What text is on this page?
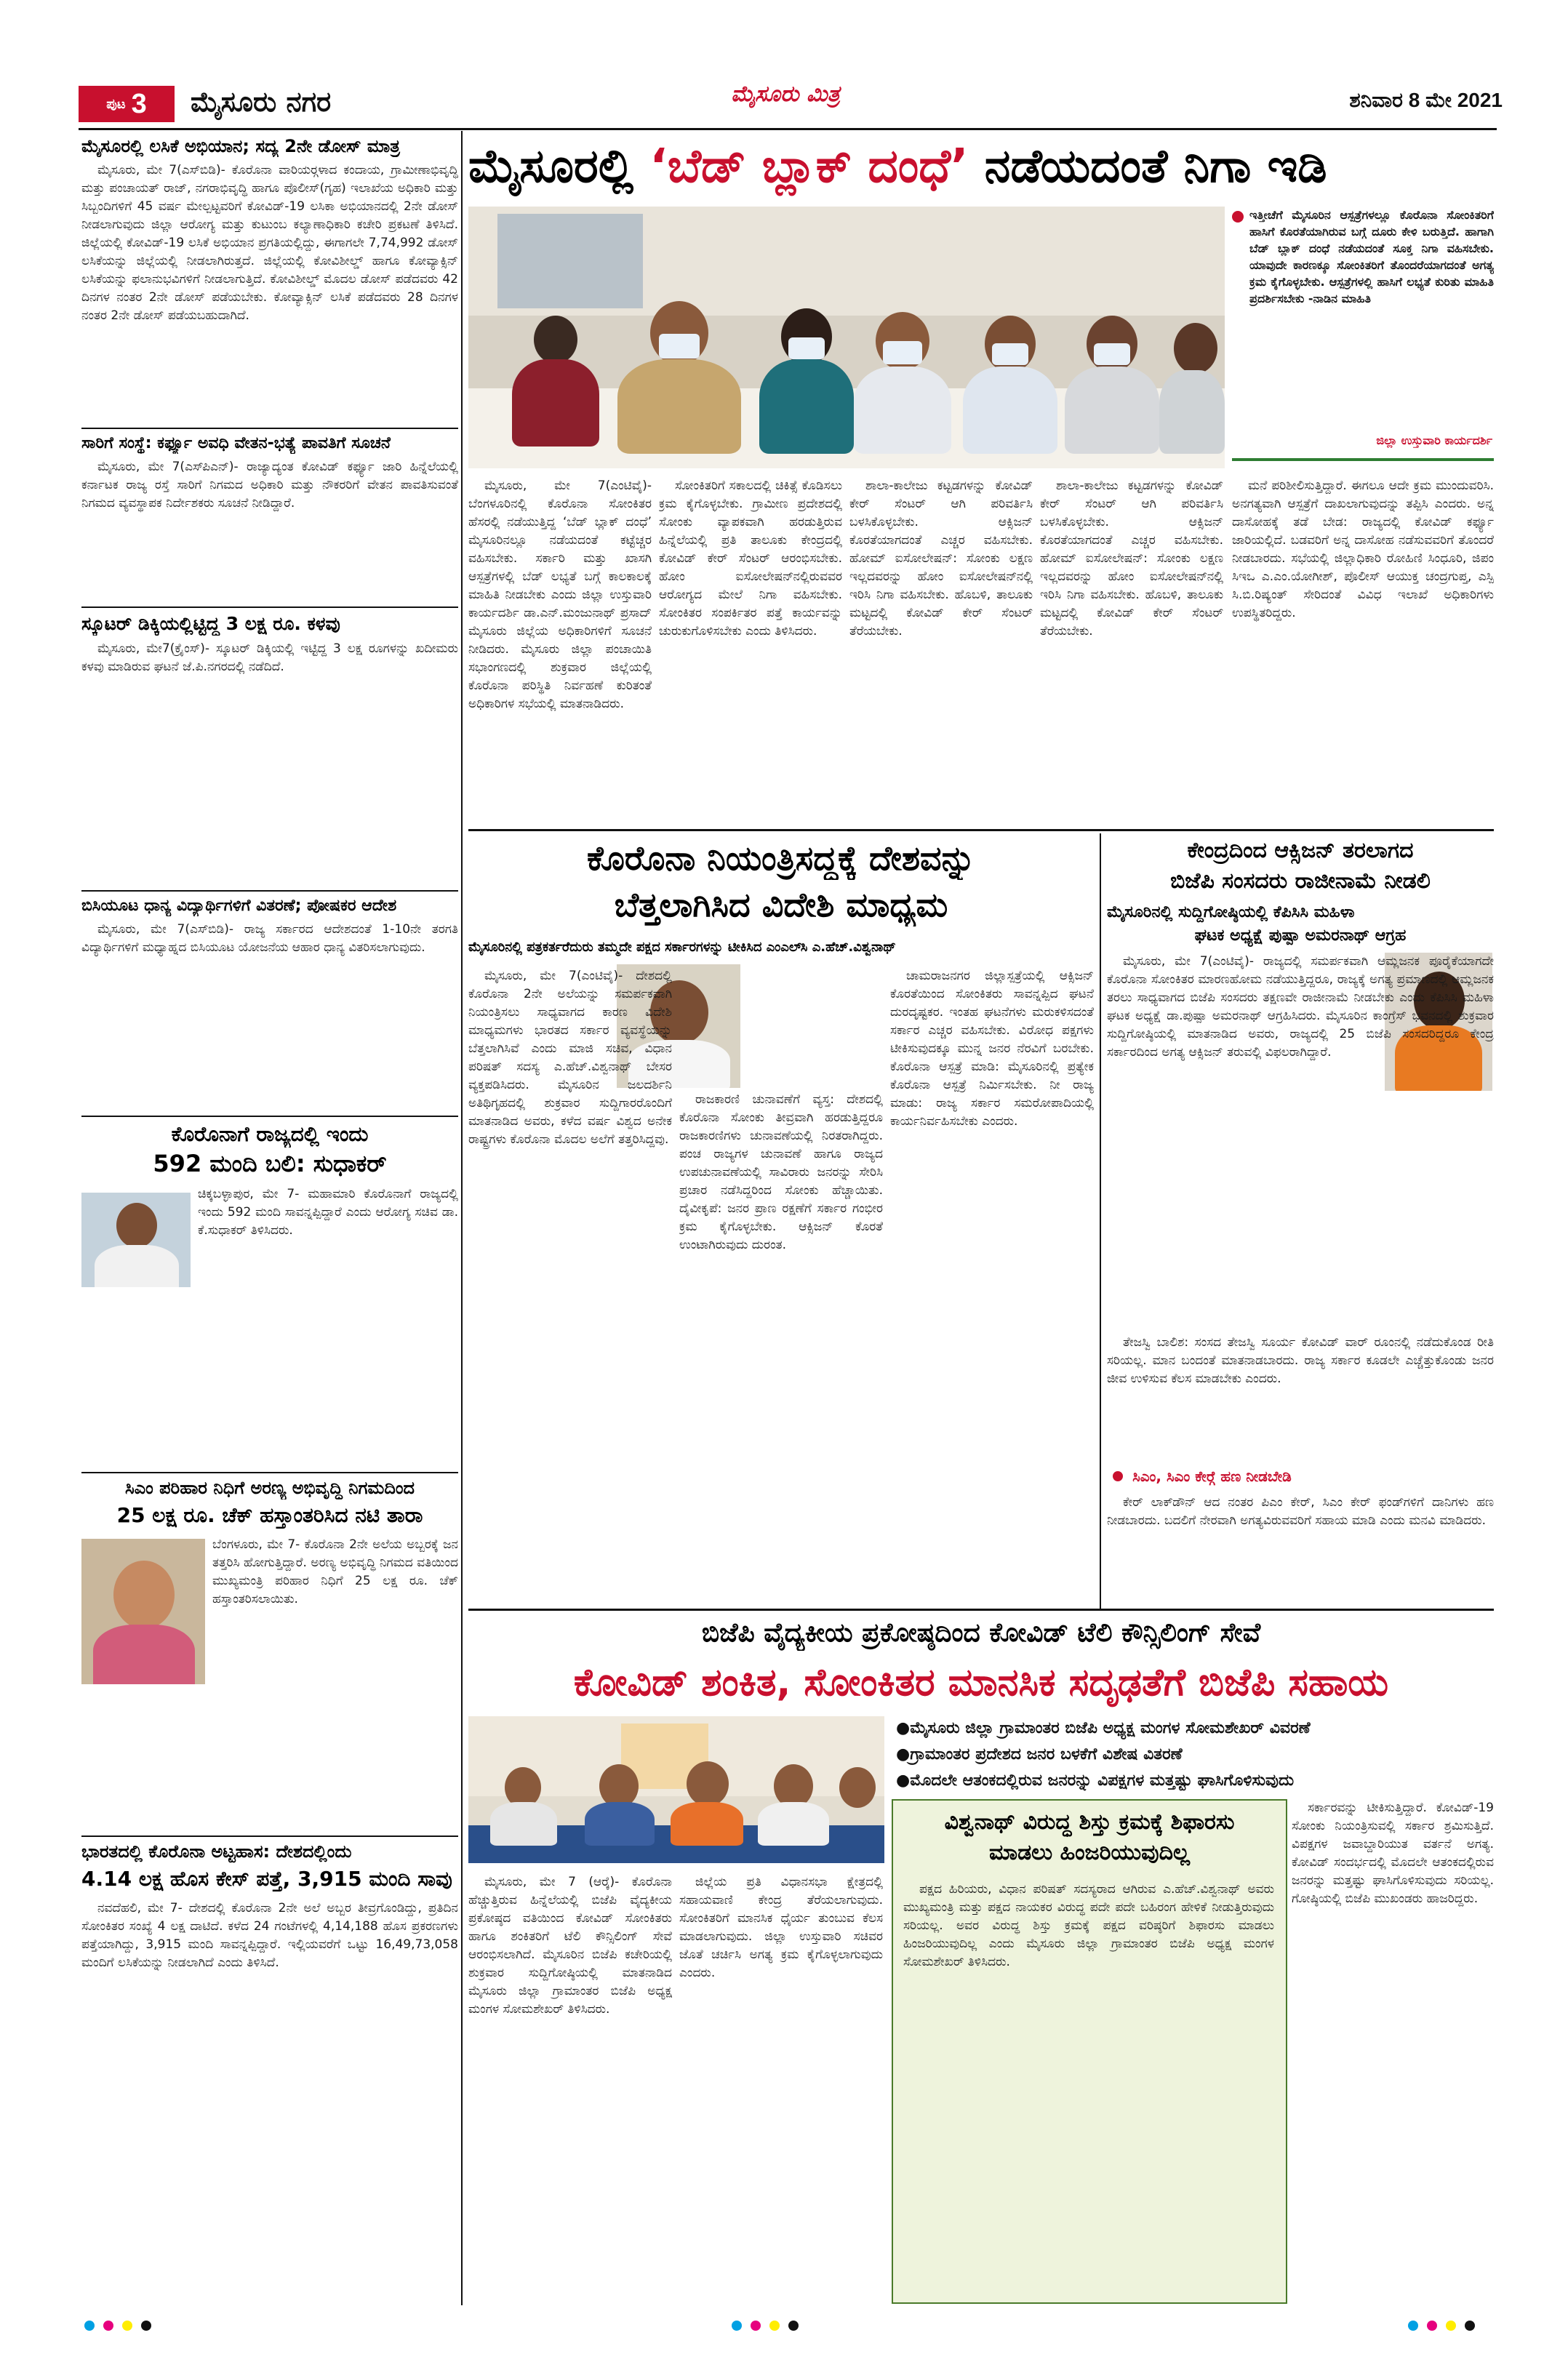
ಪುಟ 3 ಮೈಸೂರು ನಗರ	ಮೈಸೂರು ಮಿತ್ರ	ಶನಿವಾರ 8 ಮೇ 2021
ಮೈಸೂರಲ್ಲಿ ಲಸಿಕೆ ಅಭಿಯಾನ; ಸದ್ಯ 2ನೇ ಡೋಸ್ ಮಾತ್ರ

ಮೈಸೂರು, ಮೇ 7(ಎಸ್‍ಬಿಡಿ)- ಕೊರೊನಾ ವಾರಿಯರ್‍ಗಳಾದ ಕಂದಾಯ, ಗ್ರಾಮೀಣಾಭಿವೃದ್ಧಿ ಮತ್ತು ಪಂಚಾಯತ್ ರಾಜ್, ನಗರಾಭಿವೃದ್ಧಿ ಹಾಗೂ ಪೊಲೀಸ್(ಗೃಹ) ಇಲಾಖೆಯ ಅಧಿಕಾರಿ ಮತ್ತು ಸಿಬ್ಬಂದಿಗಳಿಗೆ 45 ವರ್ಷ ಮೇಲ್ಪಟ್ಟವರಿಗೆ ಕೋವಿಡ್-19 ಲಸಿಕಾ ಅಭಿಯಾನದಲ್ಲಿ 2ನೇ ಡೋಸ್ ನೀಡಲಾಗುವುದು ಜಿಲ್ಲಾ ಆರೋಗ್ಯ ಮತ್ತು ಕುಟುಂಬ ಕಲ್ಯಾಣಾಧಿಕಾರಿ ಕಚೇರಿ ಪ್ರಕಟಣೆ ತಿಳಿಸಿದೆ. ಜಿಲ್ಲೆಯಲ್ಲಿ ಕೋವಿಡ್-19 ಲಸಿಕೆ ಅಭಿಯಾನ ಪ್ರಗತಿಯಲ್ಲಿದ್ದು, ಈಗಾಗಲೇ 7,74,992 ಡೋಸ್ ಲಸಿಕೆಯನ್ನು ಜಿಲ್ಲೆಯಲ್ಲಿ ನೀಡಲಾಗಿರುತ್ತದೆ. ಜಿಲ್ಲೆಯಲ್ಲಿ ಕೋವಿಶೀಲ್ಡ್ ಹಾಗೂ ಕೋವ್ಯಾಕ್ಸಿನ್ ಲಸಿಕೆಯನ್ನು ಫಲಾನುಭವಿಗಳಿಗೆ ನೀಡಲಾಗುತ್ತಿದೆ. ಕೋವಿಶೀಲ್ಡ್ ಮೊದಲ ಡೋಸ್ ಪಡೆದವರು 42 ದಿನಗಳ ನಂತರ 2ನೇ ಡೋಸ್ ಪಡೆಯಬೇಕು. ಕೋವ್ಯಾಕ್ಸಿನ್ ಲಸಿಕೆ ಪಡೆದವರು 28 ದಿನಗಳ ನಂತರ 2ನೇ ಡೋಸ್ ಪಡೆಯಬಹುದಾಗಿದೆ.

ಸಾರಿಗೆ ಸಂಸ್ಥೆ: ಕರ್ಫ್ಯೂ ಅವಧಿ ವೇತನ-ಭತ್ಯೆ ಪಾವತಿಗೆ ಸೂಚನೆ

ಮೈಸೂರು, ಮೇ 7(ಎಸ್‍ಪಿಎನ್)- ರಾಜ್ಯಾದ್ಯಂತ ಕೋವಿಡ್ ಕರ್ಫ್ಯೂ ಜಾರಿ ಹಿನ್ನೆಲೆಯಲ್ಲಿ ಕರ್ನಾಟಕ ರಾಜ್ಯ ರಸ್ತೆ ಸಾರಿಗೆ ನಿಗಮದ ಅಧಿಕಾರಿ ಮತ್ತು ನೌಕರರಿಗೆ ವೇತನ ಪಾವತಿಸುವಂತೆ ನಿಗಮದ ವ್ಯವಸ್ಥಾಪಕ ನಿರ್ದೇಶಕರು ಸೂಚನೆ ನೀಡಿದ್ದಾರೆ.

ಸ್ಕೂಟರ್ ಡಿಕ್ಕಿಯಲ್ಲಿಟ್ಟಿದ್ದ 3 ಲಕ್ಷ ರೂ. ಕಳವು

ಮೈಸೂರು, ಮೇ7(ಕ್ರೈಂಸ್)- ಸ್ಕೂಟರ್ ಡಿಕ್ಕಿಯಲ್ಲಿ ಇಟ್ಟಿದ್ದ 3 ಲಕ್ಷ ರೂಗಳನ್ನು ಖದೀಮರು ಕಳವು ಮಾಡಿರುವ ಘಟನೆ ಜೆ.ಪಿ.ನಗರದಲ್ಲಿ ನಡೆದಿದೆ.

ಬಿಸಿಯೂಟ ಧಾನ್ಯ ವಿದ್ಯಾರ್ಥಿಗಳಿಗೆ ವಿತರಣೆ; ಪೋಷಕರ ಆದೇಶ

ಮೈಸೂರು, ಮೇ 7(ಎಸ್‍ಬಿಡಿ)- ರಾಜ್ಯ ಸರ್ಕಾರದ ಆದೇಶದಂತೆ 1-10ನೇ ತರಗತಿ ವಿದ್ಯಾರ್ಥಿಗಳಿಗೆ ಮಧ್ಯಾಹ್ನದ ಬಿಸಿಯೂಟ ಯೋಜನೆಯ ಆಹಾರ ಧಾನ್ಯ ವಿತರಿಸಲಾಗುವುದು.

ಕೊರೊನಾಗೆ ರಾಜ್ಯದಲ್ಲಿ ಇಂದು
592 ಮಂದಿ ಬಲಿ: ಸುಧಾಕರ್

ಚಿಕ್ಕಬಳ್ಳಾಪುರ, ಮೇ 7- ಮಹಾಮಾರಿ ಕೊರೊನಾಗೆ ರಾಜ್ಯದಲ್ಲಿ ಇಂದು 592 ಮಂದಿ ಸಾವನ್ನಪ್ಪಿದ್ದಾರೆ ಎಂದು ಆರೋಗ್ಯ ಸಚಿವ ಡಾ. ಕೆ.ಸುಧಾಕರ್ ತಿಳಿಸಿದರು.

ಸಿಎಂ ಪರಿಹಾರ ನಿಧಿಗೆ ಅರಣ್ಯ ಅಭಿವೃದ್ಧಿ ನಿಗಮದಿಂದ
25 ಲಕ್ಷ ರೂ. ಚೆಕ್ ಹಸ್ತಾಂತರಿಸಿದ ನಟಿ ತಾರಾ

ಬೆಂಗಳೂರು, ಮೇ 7- ಕೊರೊನಾ 2ನೇ ಅಲೆಯ ಅಬ್ಬರಕ್ಕೆ ಜನ ತತ್ತರಿಸಿ ಹೋಗುತ್ತಿದ್ದಾರೆ. ಅರಣ್ಯ ಅಭಿವೃದ್ಧಿ ನಿಗಮದ ವತಿಯಿಂದ ಮುಖ್ಯಮಂತ್ರಿ ಪರಿಹಾರ ನಿಧಿಗೆ 25 ಲಕ್ಷ ರೂ. ಚೆಕ್ ಹಸ್ತಾಂತರಿಸಲಾಯಿತು.

ಭಾರತದಲ್ಲಿ ಕೊರೊನಾ ಅಟ್ಟಹಾಸ: ದೇಶದಲ್ಲಿಂದು
4.14 ಲಕ್ಷ ಹೊಸ ಕೇಸ್ ಪತ್ತೆ, 3,915 ಮಂದಿ ಸಾವು

ನವದೆಹಲಿ, ಮೇ 7- ದೇಶದಲ್ಲಿ ಕೊರೊನಾ 2ನೇ ಅಲೆ ಅಬ್ಬರ ತೀವ್ರಗೊಂಡಿದ್ದು, ಪ್ರತಿದಿನ ಸೋಂಕಿತರ ಸಂಖ್ಯೆ 4 ಲಕ್ಷ ದಾಟಿದೆ. ಕಳೆದ 24 ಗಂಟೆಗಳಲ್ಲಿ 4,14,188 ಹೊಸ ಪ್ರಕರಣಗಳು ಪತ್ತೆಯಾಗಿದ್ದು, 3,915 ಮಂದಿ ಸಾವನ್ನಪ್ಪಿದ್ದಾರೆ. ಇಲ್ಲಿಯವರೆಗೆ ಒಟ್ಟು 16,49,73,058 ಮಂದಿಗೆ ಲಸಿಕೆಯನ್ನು ನೀಡಲಾಗಿದೆ ಎಂದು ತಿಳಿಸಿದೆ.

ಮೈಸೂರಲ್ಲಿ ‘ಬೆಡ್ ಬ್ಲಾಕ್ ದಂಧೆ’ ನಡೆಯದಂತೆ ನಿಗಾ ಇಡಿ
ಇತ್ತೀಚೆಗೆ ಮೈಸೂರಿನ ಆಸ್ಪತ್ರೆಗಳಲ್ಲೂ ಕೊರೊನಾ ಸೋಂಕಿತರಿಗೆ ಹಾಸಿಗೆ ಕೊರತೆಯಾಗಿರುವ ಬಗ್ಗೆ ದೂರು ಕೇಳಿ ಬರುತ್ತಿದೆ. ಹಾಗಾಗಿ ಬೆಡ್ ಬ್ಲಾಕ್ ದಂಧೆ ನಡೆಯದಂತೆ ಸೂಕ್ತ ನಿಗಾ ವಹಿಸಬೇಕು. ಯಾವುದೇ ಕಾರಣಕ್ಕೂ ಸೋಂಕಿತರಿಗೆ ತೊಂದರೆಯಾಗದಂತೆ ಅಗತ್ಯ ಕ್ರಮ ಕೈಗೊಳ್ಳಬೇಕು. ಆಸ್ಪತ್ರೆಗಳಲ್ಲಿ ಹಾಸಿಗೆ ಲಭ್ಯತೆ ಕುರಿತು ಮಾಹಿತಿ ಪ್ರದರ್ಶಿಸಬೇಕು -ನಾಡಿನ ಮಾಹಿತಿ
ಜಿಲ್ಲಾ ಉಸ್ತುವಾರಿ ಕಾರ್ಯದರ್ಶಿ

ಮೈಸೂರು, ಮೇ 7(ಎಂಟಿವೈ)- ಬೆಂಗಳೂರಿನಲ್ಲಿ ಕೊರೊನಾ ಸೋಂಕಿತರ ಹೆಸರಲ್ಲಿ ನಡೆಯುತ್ತಿದ್ದ ‘ಬೆಡ್ ಬ್ಲಾಕ್ ದಂಧೆ’ ಮೈಸೂರಿನಲ್ಲೂ ನಡೆಯದಂತೆ ಕಟ್ಟೆಚ್ಚರ ವಹಿಸಬೇಕು. ಸರ್ಕಾರಿ ಮತ್ತು ಖಾಸಗಿ ಆಸ್ಪತ್ರೆಗಳಲ್ಲಿ ಬೆಡ್ ಲಭ್ಯತೆ ಬಗ್ಗೆ ಕಾಲಕಾಲಕ್ಕೆ ಮಾಹಿತಿ ನೀಡಬೇಕು ಎಂದು ಜಿಲ್ಲಾ ಉಸ್ತುವಾರಿ ಕಾರ್ಯದರ್ಶಿ ಡಾ.ಎನ್.ಮಂಜುನಾಥ್ ಪ್ರಸಾದ್ ಮೈಸೂರು ಜಿಲ್ಲೆಯ ಅಧಿಕಾರಿಗಳಿಗೆ ಸೂಚನೆ ನೀಡಿದರು. ಮೈಸೂರು ಜಿಲ್ಲಾ ಪಂಚಾಯಿತಿ ಸಭಾಂಗಣದಲ್ಲಿ ಶುಕ್ರವಾರ ಜಿಲ್ಲೆಯಲ್ಲಿ ಕೊರೊನಾ ಪರಿಸ್ಥಿತಿ ನಿರ್ವಹಣೆ ಕುರಿತಂತೆ ಅಧಿಕಾರಿಗಳ ಸಭೆಯಲ್ಲಿ ಮಾತನಾಡಿದರು.

ಸೋಂಕಿತರಿಗೆ ಸಕಾಲದಲ್ಲಿ ಚಿಕಿತ್ಸೆ ಕೊಡಿಸಲು ಕ್ರಮ ಕೈಗೊಳ್ಳಬೇಕು. ಗ್ರಾಮೀಣ ಪ್ರದೇಶದಲ್ಲಿ ಸೋಂಕು ವ್ಯಾಪಕವಾಗಿ ಹರಡುತ್ತಿರುವ ಹಿನ್ನೆಲೆಯಲ್ಲಿ ಪ್ರತಿ ತಾಲೂಕು ಕೇಂದ್ರದಲ್ಲಿ ಕೋವಿಡ್ ಕೇರ್ ಸೆಂಟರ್ ಆರಂಭಿಸಬೇಕು. ಹೋಂ ಐಸೋಲೇಷನ್‍ನಲ್ಲಿರುವವರ ಆರೋಗ್ಯದ ಮೇಲೆ ನಿಗಾ ವಹಿಸಬೇಕು. ಸೋಂಕಿತರ ಸಂಪರ್ಕಿತರ ಪತ್ತೆ ಕಾರ್ಯವನ್ನು ಚುರುಕುಗೊಳಿಸಬೇಕು ಎಂದು ತಿಳಿಸಿದರು.

ಶಾಲಾ-ಕಾಲೇಜು ಕಟ್ಟಡಗಳನ್ನು ಕೋವಿಡ್ ಕೇರ್ ಸೆಂಟರ್ ಆಗಿ ಪರಿವರ್ತಿಸಿ ಬಳಸಿಕೊಳ್ಳಬೇಕು. ಆಕ್ಸಿಜನ್ ಕೊರತೆಯಾಗದಂತೆ ಎಚ್ಚರ ವಹಿಸಬೇಕು. ಹೋಮ್ ಐಸೋಲೇಷನ್: ಸೋಂಕು ಲಕ್ಷಣ ಇಲ್ಲದವರನ್ನು ಹೋಂ ಐಸೋಲೇಷನ್‍ನಲ್ಲಿ ಇರಿಸಿ ನಿಗಾ ವಹಿಸಬೇಕು. ಹೊಬಳಿ, ತಾಲೂಕು ಮಟ್ಟದಲ್ಲಿ ಕೋವಿಡ್ ಕೇರ್ ಸೆಂಟರ್ ತೆರೆಯಬೇಕು.

ಶಾಲಾ-ಕಾಲೇಜು ಕಟ್ಟಡಗಳನ್ನು ಕೋವಿಡ್ ಕೇರ್ ಸೆಂಟರ್ ಆಗಿ ಪರಿವರ್ತಿಸಿ ಬಳಸಿಕೊಳ್ಳಬೇಕು. ಆಕ್ಸಿಜನ್ ಕೊರತೆಯಾಗದಂತೆ ಎಚ್ಚರ ವಹಿಸಬೇಕು. ಹೋಮ್ ಐಸೋಲೇಷನ್: ಸೋಂಕು ಲಕ್ಷಣ ಇಲ್ಲದವರನ್ನು ಹೋಂ ಐಸೋಲೇಷನ್‍ನಲ್ಲಿ ಇರಿಸಿ ನಿಗಾ ವಹಿಸಬೇಕು. ಹೊಬಳಿ, ತಾಲೂಕು ಮಟ್ಟದಲ್ಲಿ ಕೋವಿಡ್ ಕೇರ್ ಸೆಂಟರ್ ತೆರೆಯಬೇಕು.

ಮನೆ ಪರಿಶೀಲಿಸುತ್ತಿದ್ದಾರೆ. ಈಗಲೂ ಆದೇ ಕ್ರಮ ಮುಂದುವರಿಸಿ. ಅನಗತ್ಯವಾಗಿ ಆಸ್ಪತ್ರೆಗೆ ದಾಖಲಾಗುವುದನ್ನು ತಪ್ಪಿಸಿ ಎಂದರು. ಅನ್ನ ದಾಸೋಹಕ್ಕೆ ತಡೆ ಬೇಡ: ರಾಜ್ಯದಲ್ಲಿ ಕೋವಿಡ್ ಕರ್ಫ್ಯೂ ಜಾರಿಯಲ್ಲಿದೆ. ಬಡವರಿಗೆ ಅನ್ನ ದಾಸೋಹ ನಡೆಸುವವರಿಗೆ ತೊಂದರೆ ನೀಡಬಾರದು. ಸಭೆಯಲ್ಲಿ ಜಿಲ್ಲಾಧಿಕಾರಿ ರೋಹಿಣಿ ಸಿಂಧೂರಿ, ಜಿಪಂ ಸಿಇಒ ಎ.ಎಂ.ಯೋಗೀಶ್, ಪೊಲೀಸ್ ಆಯುಕ್ತ ಚಂದ್ರಗುಪ್ತ, ಎಸ್ಪಿ ಸಿ.ಬಿ.ರಿಷ್ಯಂತ್ ಸೇರಿದಂತೆ ವಿವಿಧ ಇಲಾಖೆ ಅಧಿಕಾರಿಗಳು ಉಪಸ್ಥಿತರಿದ್ದರು.

ಕೊರೊನಾ ನಿಯಂತ್ರಿಸದ್ದಕ್ಕೆ ದೇಶವನ್ನು
ಬೆತ್ತಲಾಗಿಸಿದ ವಿದೇಶಿ ಮಾಧ್ಯಮ
ಮೈಸೂರಿನಲ್ಲಿ ಪತ್ರಕರ್ತರೆದುರು ತಮ್ಮದೇ ಪಕ್ಷದ ಸರ್ಕಾರಗಳನ್ನು ಟೀಕಿಸಿದ ಎಂಎಲ್‍ಸಿ ಎ.ಹೆಚ್.ವಿಶ್ವನಾಥ್

ಮೈಸೂರು, ಮೇ 7(ಎಂಟಿವೈ)- ದೇಶದಲ್ಲಿ ಕೊರೊನಾ 2ನೇ ಅಲೆಯನ್ನು ಸಮರ್ಪಕವಾಗಿ ನಿಯಂತ್ರಿಸಲು ಸಾಧ್ಯವಾಗದ ಕಾರಣ ವಿದೇಶಿ ಮಾಧ್ಯಮಗಳು ಭಾರತದ ಸರ್ಕಾರ ವ್ಯವಸ್ಥೆಯನ್ನು ಬೆತ್ತಲಾಗಿಸಿವೆ ಎಂದು ಮಾಜಿ ಸಚಿವ, ವಿಧಾನ ಪರಿಷತ್ ಸದಸ್ಯ ಎ.ಹೆಚ್.ವಿಶ್ವನಾಥ್ ಬೇಸರ ವ್ಯಕ್ತಪಡಿಸಿದರು. ಮೈಸೂರಿನ ಜಲದರ್ಶಿನಿ ಅತಿಥಿಗೃಹದಲ್ಲಿ ಶುಕ್ರವಾರ ಸುದ್ದಿಗಾರರೊಂದಿಗೆ ಮಾತನಾಡಿದ ಅವರು, ಕಳೆದ ವರ್ಷ ವಿಶ್ವದ ಅನೇಕ ರಾಷ್ಟ್ರಗಳು ಕೊರೊನಾ ಮೊದಲ ಅಲೆಗೆ ತತ್ತರಿಸಿದ್ದವು.

ರಾಜಕಾರಣಿ ಚುನಾವಣೆಗೆ ವ್ಯಸ್ತ: ದೇಶದಲ್ಲಿ ಕೊರೊನಾ ಸೋಂಕು ತೀವ್ರವಾಗಿ ಹರಡುತ್ತಿದ್ದರೂ ರಾಜಕಾರಣಿಗಳು ಚುನಾವಣೆಯಲ್ಲಿ ನಿರತರಾಗಿದ್ದರು. ಪಂಚ ರಾಜ್ಯಗಳ ಚುನಾವಣೆ ಹಾಗೂ ರಾಜ್ಯದ ಉಪಚುನಾವಣೆಯಲ್ಲಿ ಸಾವಿರಾರು ಜನರನ್ನು ಸೇರಿಸಿ ಪ್ರಚಾರ ನಡೆಸಿದ್ದರಿಂದ ಸೋಂಕು ಹೆಚ್ಚಾಯಿತು. ದೈವೀಕೃಪೆ: ಜನರ ಪ್ರಾಣ ರಕ್ಷಣೆಗೆ ಸರ್ಕಾರ ಗಂಭೀರ ಕ್ರಮ ಕೈಗೊಳ್ಳಬೇಕು. ಆಕ್ಸಿಜನ್ ಕೊರತೆ ಉಂಟಾಗಿರುವುದು ದುರಂತ.

ಚಾಮರಾಜನಗರ ಜಿಲ್ಲಾಸ್ಪತ್ರೆಯಲ್ಲಿ ಆಕ್ಸಿಜನ್ ಕೊರತೆಯಿಂದ ಸೋಂಕಿತರು ಸಾವನ್ನಪ್ಪಿದ ಘಟನೆ ದುರದೃಷ್ಟಕರ. ಇಂತಹ ಘಟನೆಗಳು ಮರುಕಳಿಸದಂತೆ ಸರ್ಕಾರ ಎಚ್ಚರ ವಹಿಸಬೇಕು. ವಿರೋಧ ಪಕ್ಷಗಳು ಟೀಕಿಸುವುದಕ್ಕೂ ಮುನ್ನ ಜನರ ನೆರವಿಗೆ ಬರಬೇಕು. ಕೊರೊನಾ ಆಸ್ಪತ್ರೆ ಮಾಡಿ: ಮೈಸೂರಿನಲ್ಲಿ ಪ್ರತ್ಯೇಕ ಕೊರೊನಾ ಆಸ್ಪತ್ರೆ ನಿರ್ಮಿಸಬೇಕು. ನೀ ರಾಜ್ಯ ಮಾಡು: ರಾಜ್ಯ ಸರ್ಕಾರ ಸಮರೋಪಾದಿಯಲ್ಲಿ ಕಾರ್ಯನಿರ್ವಹಿಸಬೇಕು ಎಂದರು.

ಕೇಂದ್ರದಿಂದ ಆಕ್ಸಿಜನ್ ತರಲಾಗದ
ಬಿಜೆಪಿ ಸಂಸದರು ರಾಜೀನಾಮೆ ನೀಡಲಿ
ಮೈಸೂರಿನಲ್ಲಿ ಸುದ್ದಿಗೋಷ್ಠಿಯಲ್ಲಿ ಕೆಪಿಸಿಸಿ ಮಹಿಳಾ
ಘಟಕ ಅಧ್ಯಕ್ಷೆ ಪುಷ್ಪಾ ಅಮರನಾಥ್ ಆಗ್ರಹ

ಮೈಸೂರು, ಮೇ 7(ಎಂಟಿವೈ)- ರಾಜ್ಯದಲ್ಲಿ ಸಮರ್ಪಕವಾಗಿ ಆಮ್ಲಜನಕ ಪೂರೈಕೆಯಾಗದೇ ಕೊರೊನಾ ಸೋಂಕಿತರ ಮಾರಣಹೋಮ ನಡೆಯುತ್ತಿದ್ದರೂ, ರಾಜ್ಯಕ್ಕೆ ಅಗತ್ಯ ಪ್ರಮಾಣದಲ್ಲಿ ಆಮ್ಲಜನಕ ತರಲು ಸಾಧ್ಯವಾಗದ ಬಿಜೆಪಿ ಸಂಸದರು ತಕ್ಷಣವೇ ರಾಜೀನಾಮೆ ನೀಡಬೇಕು ಎಂದು ಕೆಪಿಸಿಸಿ ಮಹಿಳಾ ಘಟಕ ಅಧ್ಯಕ್ಷೆ ಡಾ.ಪುಷ್ಪಾ ಅಮರನಾಥ್ ಆಗ್ರಹಿಸಿದರು. ಮೈಸೂರಿನ ಕಾಂಗ್ರೆಸ್ ಭವನದಲ್ಲಿ ಶುಕ್ರವಾರ ಸುದ್ದಿಗೋಷ್ಠಿಯಲ್ಲಿ ಮಾತನಾಡಿದ ಅವರು, ರಾಜ್ಯದಲ್ಲಿ 25 ಬಿಜೆಪಿ ಸಂಸದರಿದ್ದರೂ ಕೇಂದ್ರ ಸರ್ಕಾರದಿಂದ ಅಗತ್ಯ ಆಕ್ಸಿಜನ್ ತರುವಲ್ಲಿ ವಿಫಲರಾಗಿದ್ದಾರೆ.

ತೇಜಸ್ವಿ ಬಾಲಿಶ: ಸಂಸದ ತೇಜಸ್ವಿ ಸೂರ್ಯ ಕೋವಿಡ್ ವಾರ್ ರೂಂನಲ್ಲಿ ನಡೆದುಕೊಂಡ ರೀತಿ ಸರಿಯಲ್ಲ. ಮಾನ ಬಂದಂತೆ ಮಾತನಾಡಬಾರದು. ರಾಜ್ಯ ಸರ್ಕಾರ ಕೂಡಲೇ ಎಚ್ಚೆತ್ತುಕೊಂಡು ಜನರ ಜೀವ ಉಳಿಸುವ ಕೆಲಸ ಮಾಡಬೇಕು ಎಂದರು.

ಸಿಎಂ, ಸಿಎಂ ಕೇರ್‍ಗೆ ಹಣ ನೀಡಬೇಡಿ

ಕೇರ್ ಲಾಕ್‍ಡೌನ್ ಆದ ನಂತರ ಪಿಎಂ ಕೇರ್, ಸಿಎಂ ಕೇರ್ ಫಂಡ್‍ಗಳಿಗೆ ದಾನಿಗಳು ಹಣ ನೀಡಬಾರದು. ಬದಲಿಗೆ ನೇರವಾಗಿ ಅಗತ್ಯವಿರುವವರಿಗೆ ಸಹಾಯ ಮಾಡಿ ಎಂದು ಮನವಿ ಮಾಡಿದರು.

ಬಿಜೆಪಿ ವೈದ್ಯಕೀಯ ಪ್ರಕೋಷ್ಠದಿಂದ ಕೋವಿಡ್ ಟೆಲಿ ಕೌನ್ಸಿಲಿಂಗ್ ಸೇವೆ
ಕೋವಿಡ್ ಶಂಕಿತ, ಸೋಂಕಿತರ ಮಾನಸಿಕ ಸದೃಢತೆಗೆ ಬಿಜೆಪಿ ಸಹಾಯ
●ಮೈಸೂರು ಜಿಲ್ಲಾ ಗ್ರಾಮಾಂತರ ಬಿಜೆಪಿ ಅಧ್ಯಕ್ಷ ಮಂಗಳ ಸೋಮಶೇಖರ್ ವಿವರಣೆ
●ಗ್ರಾಮಾಂತರ ಪ್ರದೇಶದ ಜನರ ಬಳಕೆಗೆ ವಿಶೇಷ ವಿತರಣೆ
●ಮೊದಲೇ ಆತಂಕದಲ್ಲಿರುವ ಜನರನ್ನು ವಿಪಕ್ಷಗಳ ಮತ್ತಷ್ಟು ಘಾಸಿಗೊಳಿಸುವುದು

ಮೈಸೂರು, ಮೇ 7 (ಆರ್‍ಕೆ)- ಕೊರೊನಾ ಹೆಚ್ಚುತ್ತಿರುವ ಹಿನ್ನೆಲೆಯಲ್ಲಿ ಬಿಜೆಪಿ ವೈದ್ಯಕೀಯ ಪ್ರಕೋಷ್ಠದ ವತಿಯಿಂದ ಕೋವಿಡ್ ಸೋಂಕಿತರು ಹಾಗೂ ಶಂಕಿತರಿಗೆ ಟೆಲಿ ಕೌನ್ಸಿಲಿಂಗ್ ಸೇವೆ ಆರಂಭಿಸಲಾಗಿದೆ. ಮೈಸೂರಿನ ಬಿಜೆಪಿ ಕಚೇರಿಯಲ್ಲಿ ಶುಕ್ರವಾರ ಸುದ್ದಿಗೋಷ್ಠಿಯಲ್ಲಿ ಮಾತನಾಡಿದ ಮೈಸೂರು ಜಿಲ್ಲಾ ಗ್ರಾಮಾಂತರ ಬಿಜೆಪಿ ಅಧ್ಯಕ್ಷ ಮಂಗಳ ಸೋಮಶೇಖರ್ ತಿಳಿಸಿದರು.

ಜಿಲ್ಲೆಯ ಪ್ರತಿ ವಿಧಾನಸಭಾ ಕ್ಷೇತ್ರದಲ್ಲಿ ಸಹಾಯವಾಣಿ ಕೇಂದ್ರ ತೆರೆಯಲಾಗುವುದು. ಸೋಂಕಿತರಿಗೆ ಮಾನಸಿಕ ಧೈರ್ಯ ತುಂಬುವ ಕೆಲಸ ಮಾಡಲಾಗುವುದು. ಜಿಲ್ಲಾ ಉಸ್ತುವಾರಿ ಸಚಿವರ ಜೊತೆ ಚರ್ಚಿಸಿ ಅಗತ್ಯ ಕ್ರಮ ಕೈಗೊಳ್ಳಲಾಗುವುದು ಎಂದರು.

ವಿಶ್ವನಾಥ್ ವಿರುದ್ಧ ಶಿಸ್ತು ಕ್ರಮಕ್ಕೆ ಶಿಫಾರಸು
ಮಾಡಲು ಹಿಂಜರಿಯುವುದಿಲ್ಲ

ಪಕ್ಷದ ಹಿರಿಯರು, ವಿಧಾನ ಪರಿಷತ್ ಸದಸ್ಯರಾದ ಆಗಿರುವ ಎ.ಹೆಚ್.ವಿಶ್ವನಾಥ್ ಅವರು ಮುಖ್ಯಮಂತ್ರಿ ಮತ್ತು ಪಕ್ಷದ ನಾಯಕರ ವಿರುದ್ಧ ಪದೇ ಪದೇ ಬಹಿರಂಗ ಹೇಳಿಕೆ ನೀಡುತ್ತಿರುವುದು ಸರಿಯಲ್ಲ. ಅವರ ವಿರುದ್ಧ ಶಿಸ್ತು ಕ್ರಮಕ್ಕೆ ಪಕ್ಷದ ವರಿಷ್ಠರಿಗೆ ಶಿಫಾರಸು ಮಾಡಲು ಹಿಂಜರಿಯುವುದಿಲ್ಲ ಎಂದು ಮೈಸೂರು ಜಿಲ್ಲಾ ಗ್ರಾಮಾಂತರ ಬಿಜೆಪಿ ಅಧ್ಯಕ್ಷ ಮಂಗಳ ಸೋಮಶೇಖರ್ ತಿಳಿಸಿದರು.

ಸರ್ಕಾರವನ್ನು ಟೀಕಿಸುತ್ತಿದ್ದಾರೆ. ಕೋವಿಡ್-19 ಸೋಂಕು ನಿಯಂತ್ರಿಸುವಲ್ಲಿ ಸರ್ಕಾರ ಶ್ರಮಿಸುತ್ತಿದೆ. ವಿಪಕ್ಷಗಳ ಜವಾಬ್ದಾರಿಯುತ ವರ್ತನೆ ಅಗತ್ಯ. ಕೋವಿಡ್ ಸಂದರ್ಭದಲ್ಲಿ ಮೊದಲೇ ಆತಂಕದಲ್ಲಿರುವ ಜನರನ್ನು ಮತ್ತಷ್ಟು ಘಾಸಿಗೊಳಿಸುವುದು ಸರಿಯಲ್ಲ. ಗೋಷ್ಠಿಯಲ್ಲಿ ಬಿಜೆಪಿ ಮುಖಂಡರು ಹಾಜರಿದ್ದರು.
